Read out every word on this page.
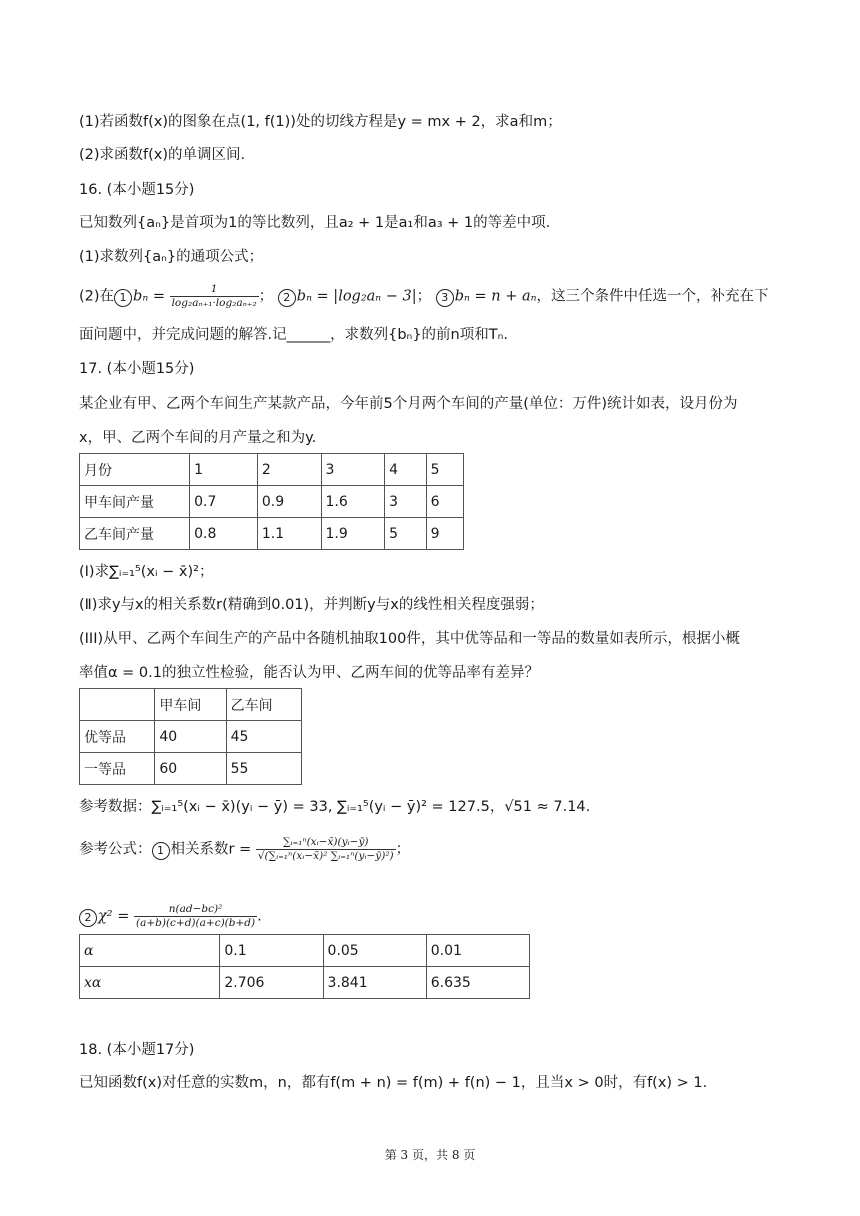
(1)若函数f(x)的图象在点(1, f(1))处的切线方程是y = mx + 2，求a和m；
(2)求函数f(x)的单调区间.
16. (本小题15分)
已知数列{aₙ}是首项为1的等比数列，且a₂ + 1是a₁和a₃ + 1的等差中项.
(1)求数列{aₙ}的通项公式；
(2)在 1 $b_n = \frac{1}{\text{log₂aₙ₊₁·log₂aₙ₊₂}}$ ； 2 bₙ = |log₂aₙ − 3|； 3 bₙ = n + aₙ，这三个条件中任选一个，补充在下
面问题中，并完成问题的解答.记______，求数列{bₙ}的前n项和Tₙ.
17. (本小题15分)
某企业有甲、乙两个车间生产某款产品，今年前5个月两个车间的产量(单位：万件)统计如表，设月份为
x，甲、乙两个车间的月产量之和为y.
月份	1	2	3	4	5
甲车间产量	0.7	0.9	1.6	3	6
乙车间产量	0.8	1.1	1.9	5	9
(Ⅰ)求∑ᵢ₌₁⁵(xᵢ − x̄)²；
(Ⅱ)求y与x的相关系数r(精确到0.01)，并判断y与x的线性相关程度强弱；
(III)从甲、乙两个车间生产的产品中各随机抽取100件，其中优等品和一等品的数量如表所示，根据小概
率值α = 0.1的独立性检验，能否认为甲、乙两车间的优等品率有差异？
	甲车间	乙车间
优等品	40	45
一等品	60	55
参考数据：∑ᵢ₌₁⁵(xᵢ − x̄)(yᵢ − ȳ) = 33, ∑ᵢ₌₁⁵(yᵢ − ȳ)² = 127.5，√51 ≈ 7.14.
参考公式： 1 相关系数$r = \frac{\text{∑ᵢ₌₁ⁿ(xᵢ−x̄)(yᵢ−ȳ)}}{\text{√(∑ᵢ₌₁ⁿ(xᵢ−x̄)² ∑ᵢ₌₁ⁿ(yᵢ−ȳ)²)}}$ ；
2 $\chi^2 = \frac{\text{n(ad−bc)²}}{(a+b)(c+d)(a+c)(b+d)}$ .
α	0.1	0.05	0.01
xα	2.706	3.841	6.635
18. (本小题17分)
已知函数f(x)对任意的实数m，n，都有f(m + n) = f(m) + f(n) − 1，且当x > 0时，有f(x) > 1.
第 3 页，共 8 页
